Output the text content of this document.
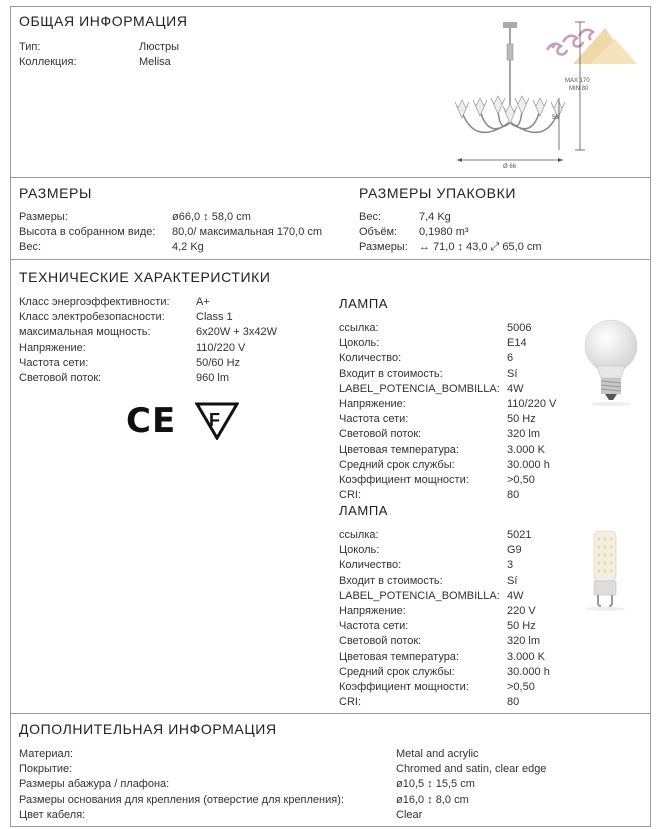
ОБЩАЯ ИНФОРМАЦИЯ
Тип:	Люстры
Коллекция:	Melisa
Ø 66
58
MAX 170
MIN 80
РАЗМЕРЫ
Размеры:	ø66,0 ↕ 58,0 cm
Высота в собранном виде: 80,0/ максимальная 170,0 cm
Вес:	4,2 Kg
РАЗМЕРЫ УПАКОВКИ
Вес:	7,4 Kg
Объём: 0,1980 m³
Размеры: ↔ 71,0 ↕ 43,0 ⤢ 65,0 cm
ТЕХНИЧЕСКИЕ ХАРАКТЕРИСТИКИ
Класс энергоэффективности: A+
Класс электробезопасности:	Class 1
максимальная мощность:	6x20W + 3x42W
Напряжение:	110/220 V
Частота сети:	50/60 Hz
Световой поток:	960 lm
CE F
ЛАМПА
ссылка:	5006
Цоколь:	E14
Количество:	6
Входит в стоимость:	Sí
LABEL_POTENCIA_BOMBILLA: 4W
Напряжение:	110/220 V
Частота сети:	50 Hz
Световой поток:	320 lm
Цветовая температура:	3.000 K
Средний срок службы:	30.000 h
Коэффициент мощности:	>0,50
CRI:	80
ЛАМПА
ссылка:	5021
Цоколь:	G9
Количество:	3
Входит в стоимость:	Sí
LABEL_POTENCIA_BOMBILLA: 4W
Напряжение:	220 V
Частота сети:	50 Hz
Световой поток:	320 lm
Цветовая температура:	3.000 K
Средний срок службы:	30.000 h
Коэффициент мощности:	>0,50
CRI:	80
ДОПОЛНИТЕЛЬНАЯ ИНФОРМАЦИЯ
Материал:	Metal and acrylic
Покрытие:	Chromed and satin, clear edge
Размеры абажура / плафона:	ø10,5 ↕ 15,5 cm
Размеры основания для крепления (отверстие для крепления):	ø16,0 ↕ 8,0 cm
Цвет кабеля:	Clear
